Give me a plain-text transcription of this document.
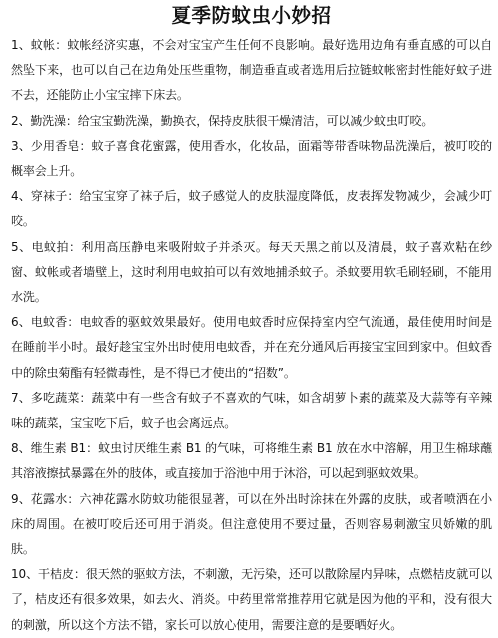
夏季防蚊虫小妙招

1、蚊帐：蚊帐经济实惠，不会对宝宝产生任何不良影响。最好选用边角有垂直感的可以自然坠下来，也可以自己在边角处压些重物，制造垂直或者选用后拉链蚊帐密封性能好蚊子进不去，还能防止小宝宝摔下床去。

2、勤洗澡：给宝宝勤洗澡，勤换衣，保持皮肤很干燥清洁，可以减少蚊虫叮咬。

3、少用香皂：蚊子喜食花蜜露，使用香水，化妆品，面霜等带香味物品洗澡后，被叮咬的概率会上升。

4、穿袜子：给宝宝穿了袜子后，蚊子感觉人的皮肤湿度降低，皮表挥发物减少，会减少叮咬。

5、电蚊拍：利用高压静电来吸附蚊子并杀灭。每天天黑之前以及清晨，蚊子喜欢粘在纱窗、蚊帐或者墙壁上，这时利用电蚊拍可以有效地捕杀蚊子。杀蚊要用软毛刷轻刷，不能用水洗。

6、电蚊香：电蚊香的驱蚊效果最好。使用电蚊香时应保持室内空气流通，最佳使用时间是在睡前半小时。最好趁宝宝外出时使用电蚊香，并在充分通风后再接宝宝回到家中。但蚊香中的除虫菊酯有轻微毒性，是不得已才使出的“招数”。

7、多吃蔬菜：蔬菜中有一些含有蚊子不喜欢的气味，如含胡萝卜素的蔬菜及大蒜等有辛辣味的蔬菜，宝宝吃下后，蚊子也会离远点。

8、维生素 B1：蚊虫讨厌维生素 B1 的气味，可将维生素 B1 放在水中溶解，用卫生棉球蘸其溶液擦拭暴露在外的肢体，或直接加于浴池中用于沐浴，可以起到驱蚊效果。

9、花露水：六神花露水防蚊功能很显著，可以在外出时涂抹在外露的皮肤，或者喷洒在小床的周围。在被叮咬后还可用于消炎。但注意使用不要过量，否则容易刺激宝贝娇嫩的肌肤。

10、干桔皮：很天然的驱蚊方法，不刺激，无污染，还可以散除屋内异味，点燃桔皮就可以了，桔皮还有很多效果，如去火、消炎。中药里常常推荐用它就是因为他的平和，没有很大的刺激，所以这个方法不错，家长可以放心使用，需要注意的是要晒好火。
